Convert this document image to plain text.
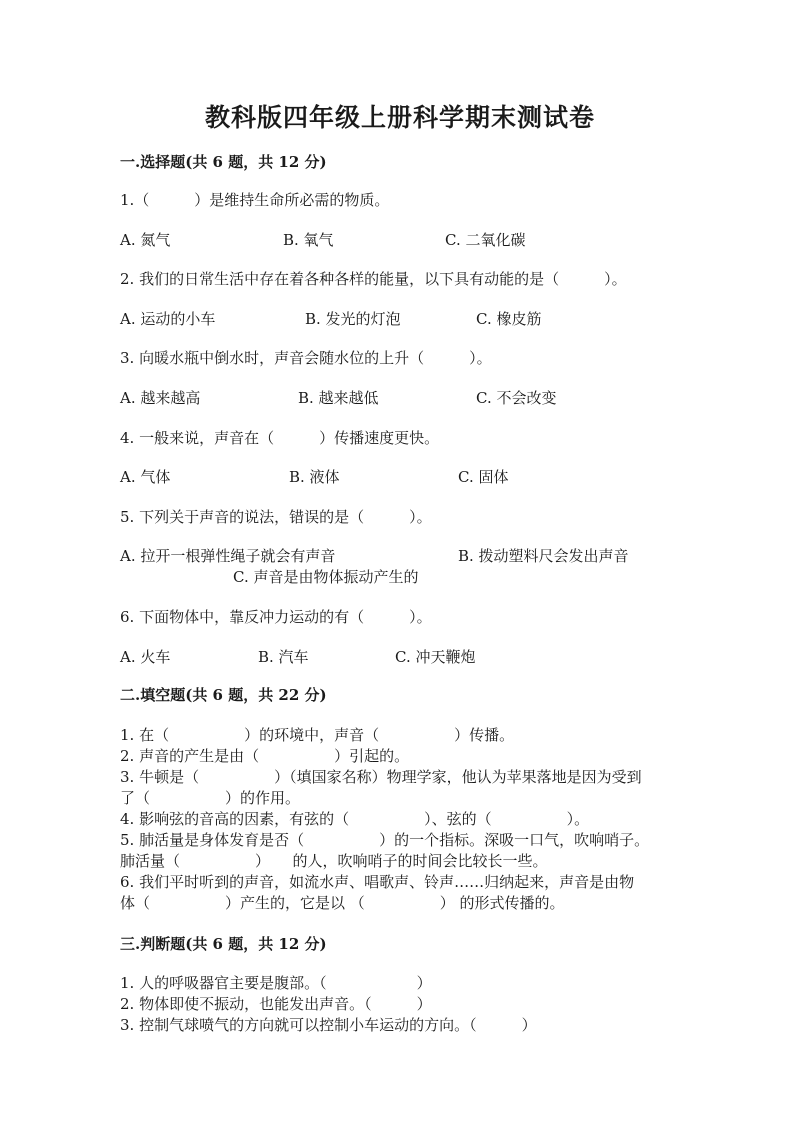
教科版四年级上册科学期末测试卷
一.选择题(共 6 题，共 12 分)
1.（　　　）是维持生命所必需的物质。
A. 氮气	B. 氧气	C. 二氧化碳
2. 我们的日常生活中存在着各种各样的能量，以下具有动能的是（　　　）。
A. 运动的小车	B. 发光的灯泡	C. 橡皮筋
3. 向暖水瓶中倒水时，声音会随水位的上升（　　　）。
A. 越来越高	B. 越来越低	C. 不会改变
4. 一般来说，声音在（　　　）传播速度更快。
A. 气体	B. 液体	C. 固体
5. 下列关于声音的说法，错误的是（　　　）。
A. 拉开一根弹性绳子就会有声音	B. 拨动塑料尺会发出声音
C. 声音是由物体振动产生的
6. 下面物体中，靠反冲力运动的有（　　　）。
A. 火车	B. 汽车	C. 冲天鞭炮
二.填空题(共 6 题，共 22 分)
1. 在（　　　　　）的环境中，声音（　　　　　）传播。
2. 声音的产生是由（　　　　　）引起的。
3. 牛顿是（　　　　　）（填国家名称）物理学家，他认为苹果落地是因为受到
了（　　　　　）的作用。
4. 影响弦的音高的因素，有弦的（　　　　　）、弦的（　　　　　）。
5. 肺活量是身体发育是否（　　　　　）的一个指标。深吸一口气，吹响哨子。
肺活量（　　　　　）　　的人，吹响哨子的时间会比较长一些。
6. 我们平时听到的声音，如流水声、唱歌声、铃声……归纳起来，声音是由物
体（　　　　　）产生的，它是以 （　　　　　） 的形式传播的。
三.判断题(共 6 题，共 12 分)
1. 人的呼吸器官主要是腹部。（　　　　　　）
2. 物体即使不振动，也能发出声音。（　　　）
3. 控制气球喷气的方向就可以控制小车运动的方向。（　　　）
